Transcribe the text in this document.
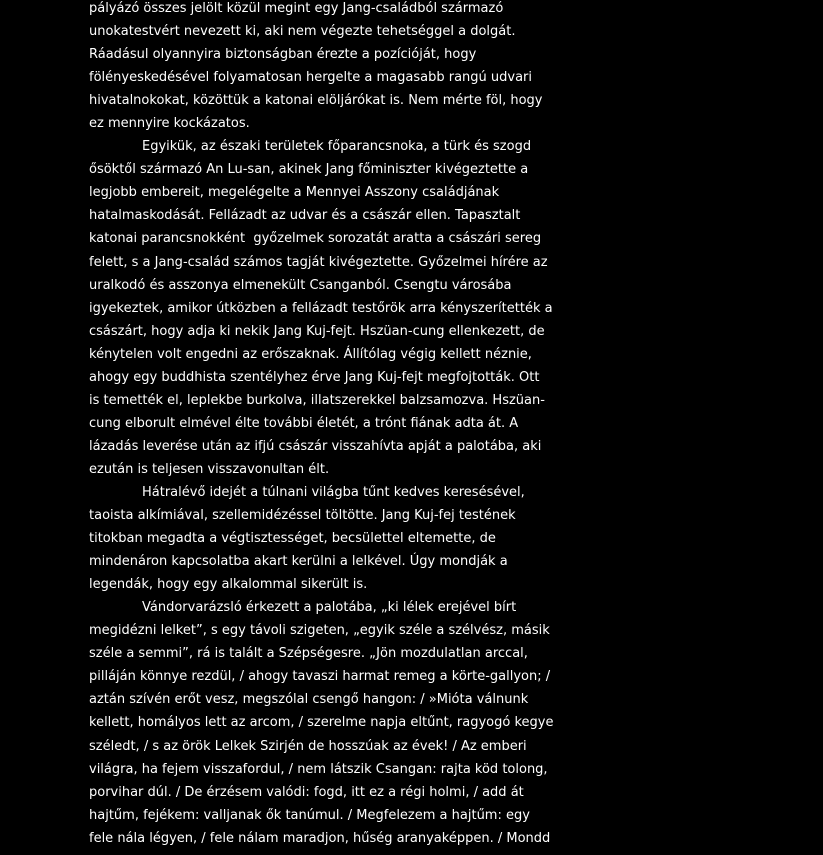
pályázó összes jelölt közül megint egy Jang-családból származó
unokatestvért nevezett ki, aki nem végezte tehetséggel a dolgát.
Ráadásul olyannyira biztonságban érezte a pozícióját, hogy
fölényeskedésével folyamatosan hergelte a magasabb rangú udvari
hivatalnokokat, közöttük a katonai elöljárókat is. Nem mérte föl, hogy
ez mennyire kockázatos.
Egyikük, az északi területek főparancsnoka, a türk és szogd
ősöktől származó An Lu-san, akinek Jang főminiszter kivégeztette a
legjobb embereit, megelégelte a Mennyei Asszony családjának
hatalmaskodását. Fellázadt az udvar és a császár ellen. Tapasztalt
katonai parancsnokként  győzelmek sorozatát aratta a császári sereg
felett, s a Jang-család számos tagját kivégeztette. Győzelmei hírére az
uralkodó és asszonya elmenekült Csanganból. Csengtu városába
igyekeztek, amikor útközben a fellázadt testőrök arra kényszerítették a
császárt, hogy adja ki nekik Jang Kuj-fejt. Hszüan-cung ellenkezett, de
kénytelen volt engedni az erőszaknak. Állítólag végig kellett néznie,
ahogy egy buddhista szentélyhez érve Jang Kuj-fejt megfojtották. Ott
is temették el, leplekbe burkolva, illatszerekkel balzsamozva. Hszüan-
cung elborult elmével élte további életét, a trónt fiának adta át. A
lázadás leverése után az ifjú császár visszahívta apját a palotába, aki
ezután is teljesen visszavonultan élt.
Hátralévő idejét a túlnani világba tűnt kedves keresésével,
taoista alkímiával, szellemidézéssel töltötte. Jang Kuj-fej testének
titokban megadta a végtisztességet, becsülettel eltemette, de
mindenáron kapcsolatba akart kerülni a lelkével. Úgy mondják a
legendák, hogy egy alkalommal sikerült is.
Vándorvarázsló érkezett a palotába, „ki lélek erejével bírt
megidézni lelket”, s egy távoli szigeten, „egyik széle a szélvész, másik
széle a semmi”, rá is talált a Szépségesre. „Jön mozdulatlan arccal,
pilláján könnye rezdül, / ahogy tavaszi harmat remeg a körte-gallyon; /
aztán szívén erőt vesz, megszólal csengő hangon: / »Mióta válnunk
kellett, homályos lett az arcom, / szerelme napja eltűnt, ragyogó kegye
széledt, / s az örök Lelkek Szirjén de hosszúak az évek! / Az emberi
világra, ha fejem visszafordul, / nem látszik Csangan: rajta köd tolong,
porvihar dúl. / De érzésem valódi: fogd, itt ez a régi holmi, / add át
hajtűm, fejékem: valljanak ők tanúmul. / Megfelezem a hajtűm: egy
fele nála légyen, / fele nálam maradjon, hűség aranyaképpen. / Mondd
